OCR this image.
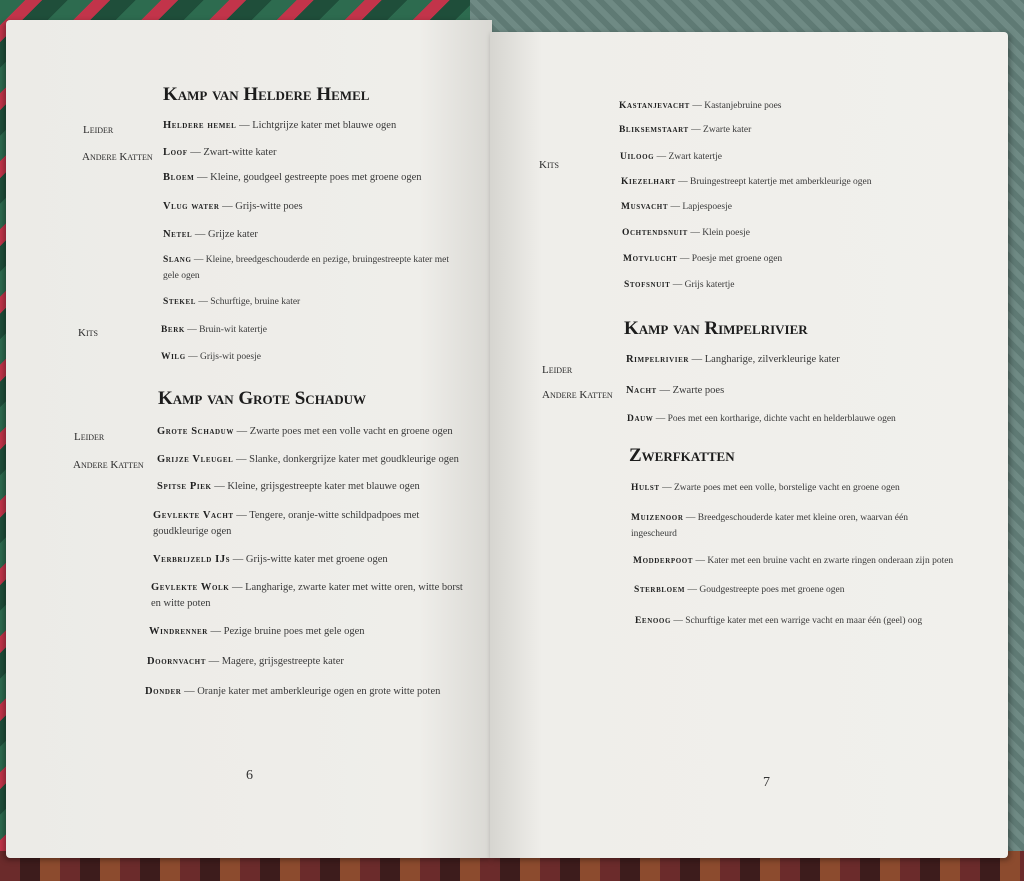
Kamp van Heldere Hemel
Leider	Heldere hemel — Lichtgrijze kater met blauwe ogen
Andere Katten Loof — Zwart-witte kater
Bloem — Kleine, goudgeel gestreepte poes met groene ogen
Vlug water — Grijs-witte poes
Netel — Grijze kater
Slang — Kleine, breedgeschouderde en pezige, bruingestreepte kater met gele ogen
Stekel — Schurftige, bruine kater
Kits	Berk — Bruin-wit katertje
Wilg — Grijs-wit poesje
Kamp van Grote Schaduw
Leider	Grote Schaduw — Zwarte poes met een volle vacht en groene ogen
Andere Katten Grijze Vleugel — Slanke, donkergrijze kater met goudkleurige ogen
Spitse Piek — Kleine, grijsgestreepte kater met blauwe ogen
Gevlekte Vacht — Tengere, oranje-witte schildpadpoes met goudkleurige ogen
Verbrijzeld IJs — Grijs-witte kater met groene ogen
Gevlekte Wolk — Langharige, zwarte kater met witte oren, witte borst en witte poten
Windrenner — Pezige bruine poes met gele ogen
Doornvacht — Magere, grijsgestreepte kater
Donder — Oranje kater met amberkleurige ogen en grote witte poten
6
Kastanjevacht — Kastanjebruine poes
Bliksemstaart — Zwarte kater
Kits
Uiloog — Zwart katertje
Kiezelhart — Bruingestreept katertje met amberkleurige ogen
Musvacht — Lapjespoesje
Ochtendsnuit — Klein poesje
Motvlucht — Poesje met groene ogen
Stofsnuit — Grijs katertje
Kamp van Rimpelrivier
Leider
Rimpelrivier — Langharige, zilverkleurige kater
Andere Katten Nacht — Zwarte poes
Dauw — Poes met een kortharige, dichte vacht en helderblauwe ogen
Zwerfkatten
Hulst — Zwarte poes met een volle, borstelige vacht en groene ogen
Muizenoor — Breedgeschouderde kater met kleine oren, waarvan één ingescheurd
Modderpoot — Kater met een bruine vacht en zwarte ringen onderaan zijn poten
Sterbloem — Goudgestreepte poes met groene ogen
Eenoog — Schurftige kater met een warrige vacht en maar één (geel) oog
7
